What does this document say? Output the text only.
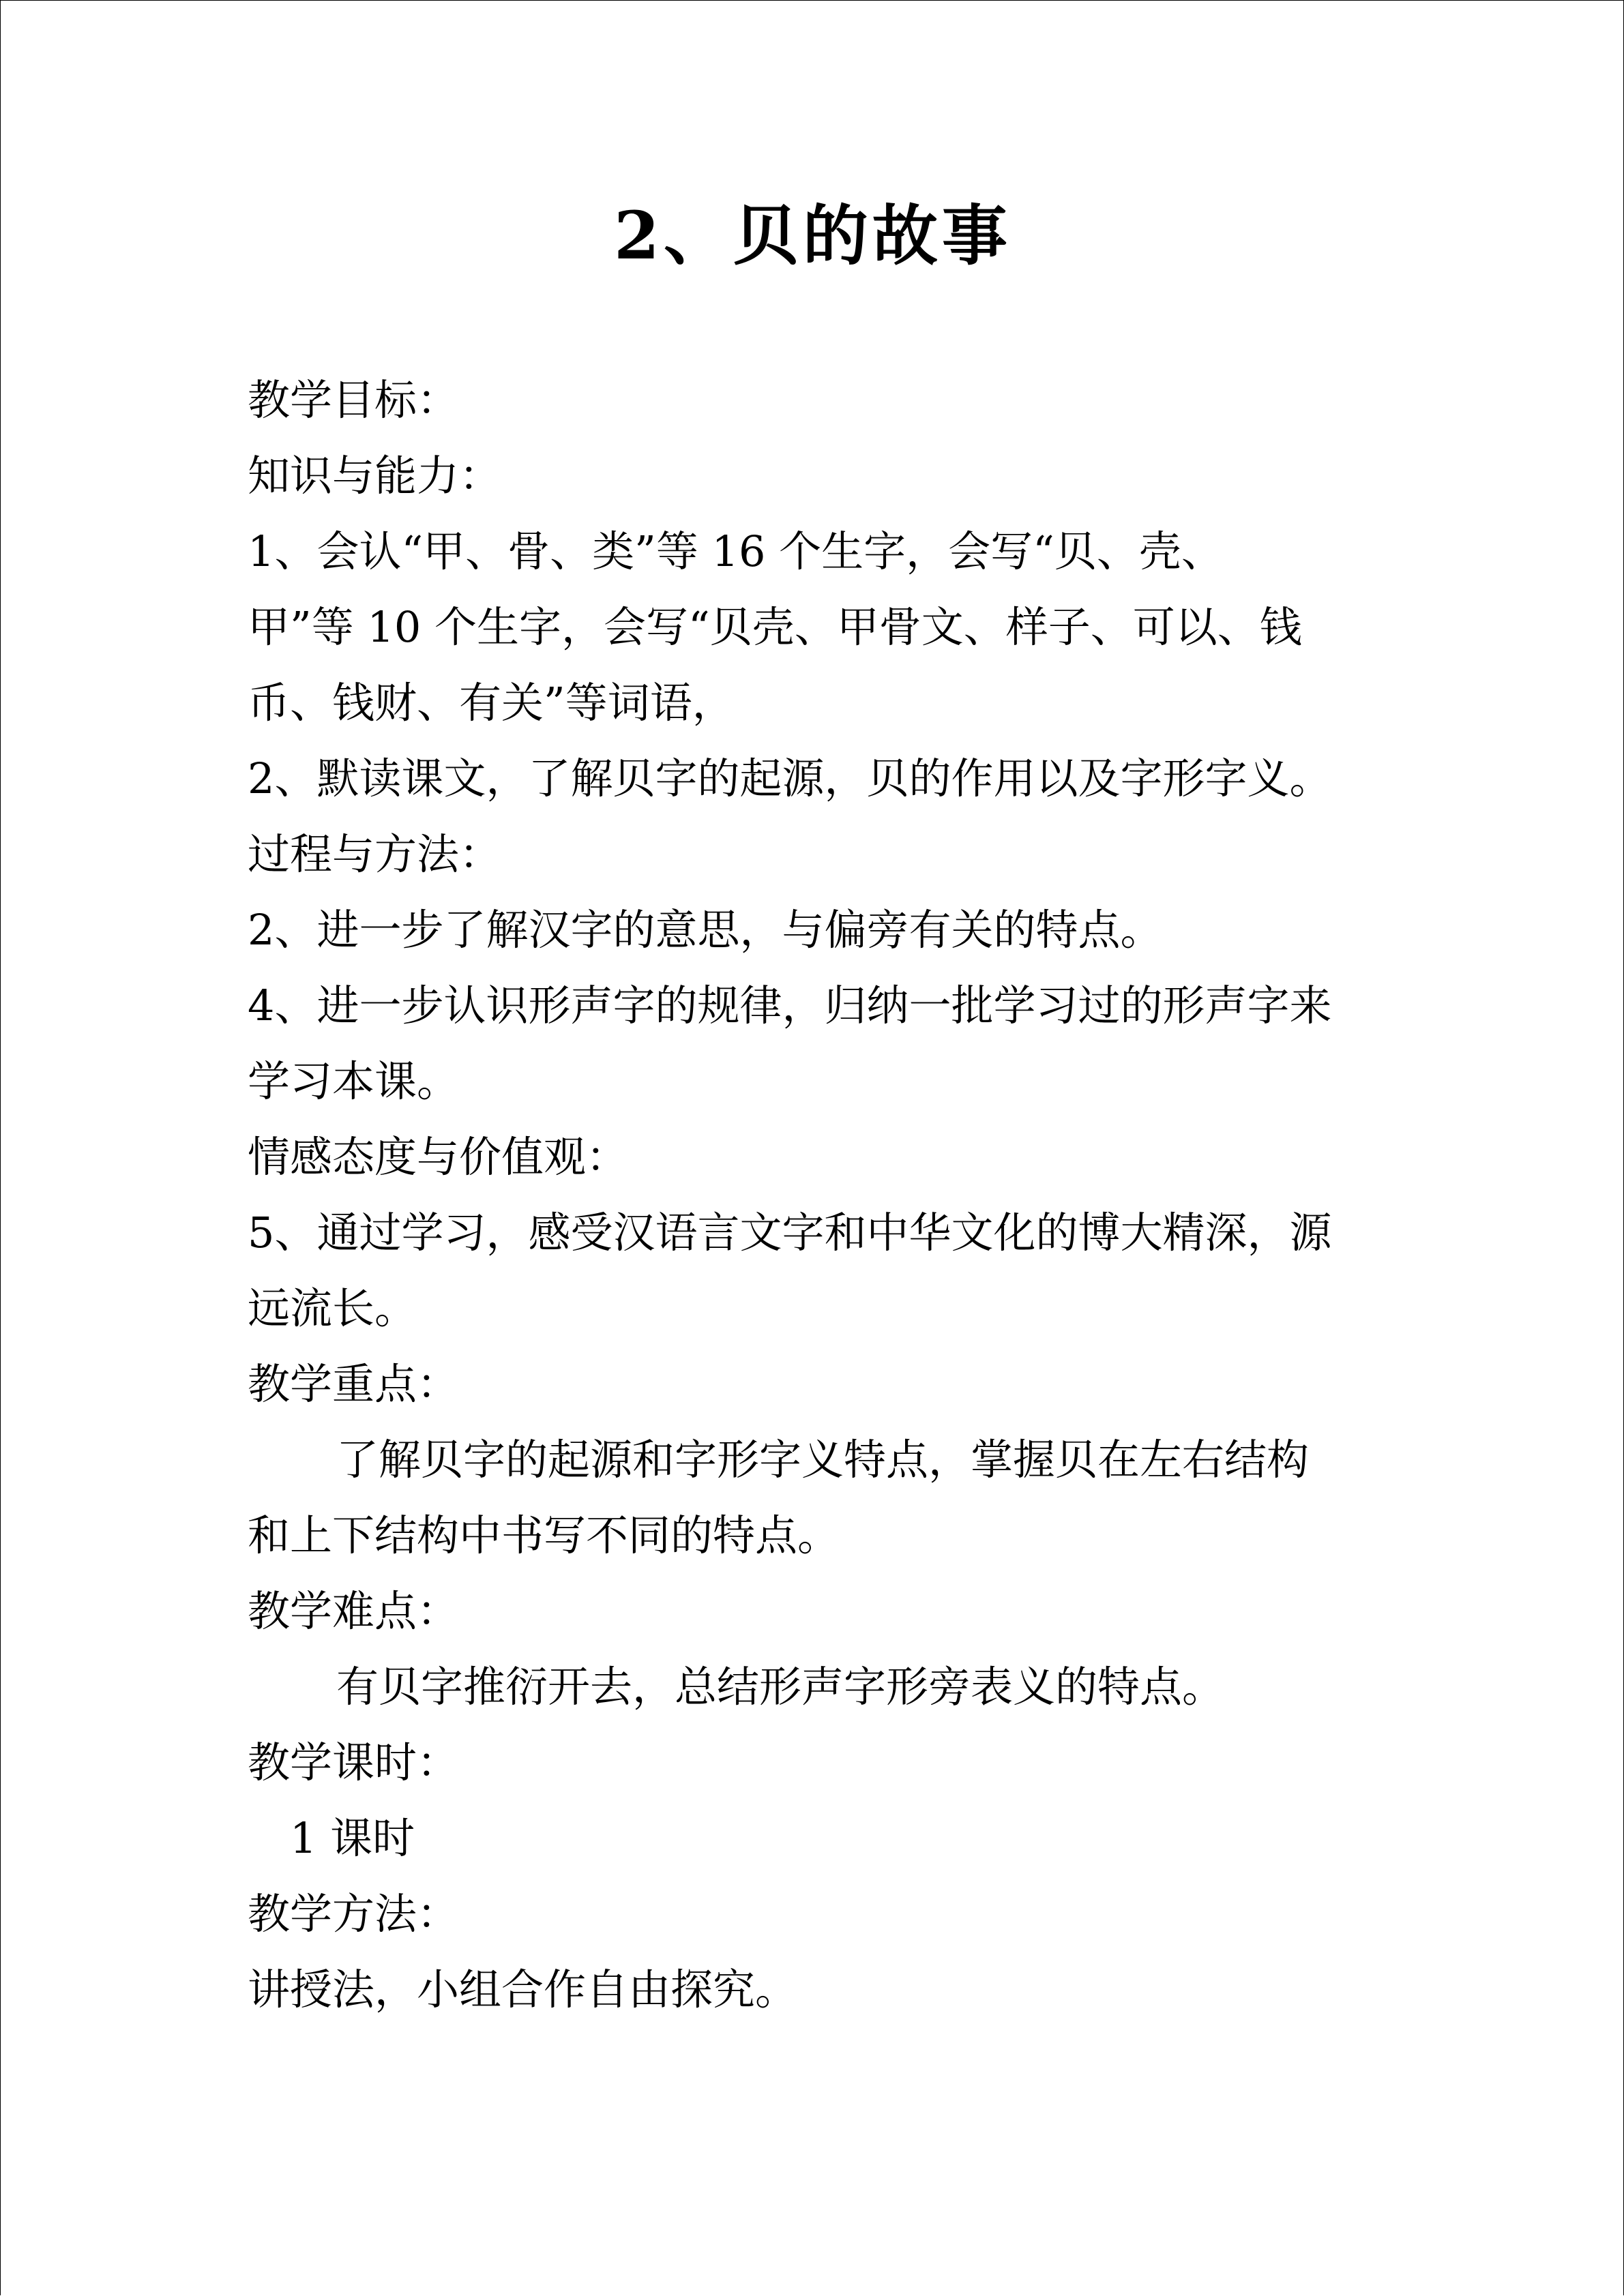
2、贝的故事
教学目标：
知识与能力：
1、会认“甲、骨、类”等 16 个生字，会写“贝、壳、
甲”等 10 个生字，会写“贝壳、甲骨文、样子、可以、钱
币、钱财、有关”等词语，
2、默读课文，了解贝字的起源，贝的作用以及字形字义。
过程与方法：
2、进一步了解汉字的意思，与偏旁有关的特点。
4、进一步认识形声字的规律，归纳一批学习过的形声字来
学习本课。
情感态度与价值观：
5、通过学习，感受汉语言文字和中华文化的博大精深，源
远流长。
教学重点：
了解贝字的起源和字形字义特点，掌握贝在左右结构
和上下结构中书写不同的特点。
教学难点：
有贝字推衍开去，总结形声字形旁表义的特点。
教学课时：
1 课时
教学方法：
讲授法，小组合作自由探究。
